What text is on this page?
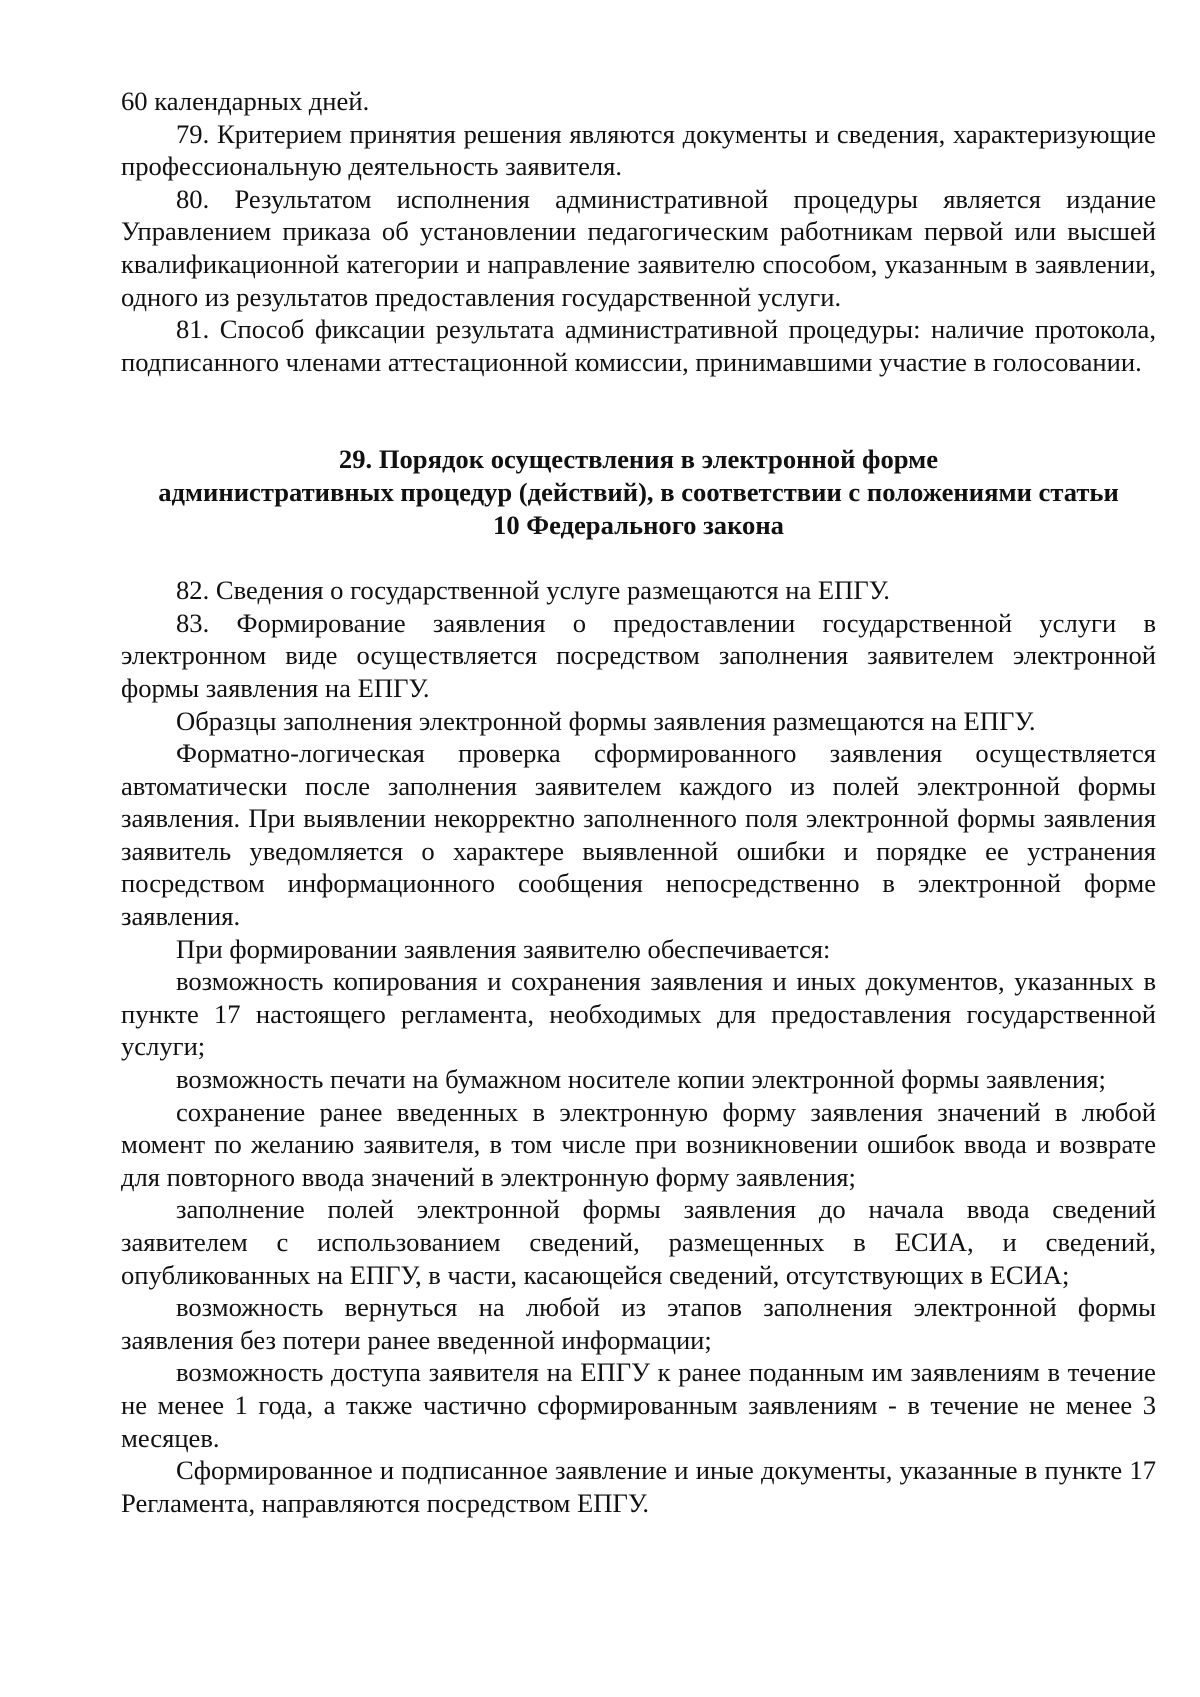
60 календарных дней.

79. Критерием принятия решения являются документы и сведения, характеризующие профессиональную деятельность заявителя.

80. Результатом исполнения административной процедуры является издание Управлением приказа об установлении педагогическим работникам первой или высшей квалификационной категории и направление заявителю способом, указанным в заявлении, одного из результатов предоставления государственной услуги.

81. Способ фиксации результата административной процедуры: наличие протокола, подписанного членами аттестационной комиссии, принимавшими участие в голосовании.

29. Порядок осуществления в электронной форме

административных процедур (действий), в соответствии с положениями статьи

10 Федерального закона

82. Сведения о государственной услуге размещаются на ЕПГУ.

83. Формирование заявления о предоставлении государственной услуги в электронном виде осуществляется посредством заполнения заявителем электронной формы заявления на ЕПГУ.

Образцы заполнения электронной формы заявления размещаются на ЕПГУ.

Форматно-логическая проверка сформированного заявления осуществляется автоматически после заполнения заявителем каждого из полей электронной формы заявления. При выявлении некорректно заполненного поля электронной формы заявления заявитель уведомляется о характере выявленной ошибки и порядке ее устранения посредством информационного сообщения непосредственно в электронной форме заявления.

При формировании заявления заявителю обеспечивается:

возможность копирования и сохранения заявления и иных документов, указанных в пункте 17 настоящего регламента, необходимых для предоставления государственной услуги;

возможность печати на бумажном носителе копии электронной формы заявления;

сохранение ранее введенных в электронную форму заявления значений в любой момент по желанию заявителя, в том числе при возникновении ошибок ввода и возврате для повторного ввода значений в электронную форму заявления;

заполнение полей электронной формы заявления до начала ввода сведений заявителем с использованием сведений, размещенных в ЕСИА, и сведений, опубликованных на ЕПГУ, в части, касающейся сведений, отсутствующих в ЕСИА;

возможность вернуться на любой из этапов заполнения электронной формы заявления без потери ранее введенной информации;

возможность доступа заявителя на ЕПГУ к ранее поданным им заявлениям в течение не менее 1 года, а также частично сформированным заявлениям - в течение не менее 3 месяцев.

Сформированное и подписанное заявление и иные документы, указанные в пункте 17 Регламента, направляются посредством ЕПГУ.
